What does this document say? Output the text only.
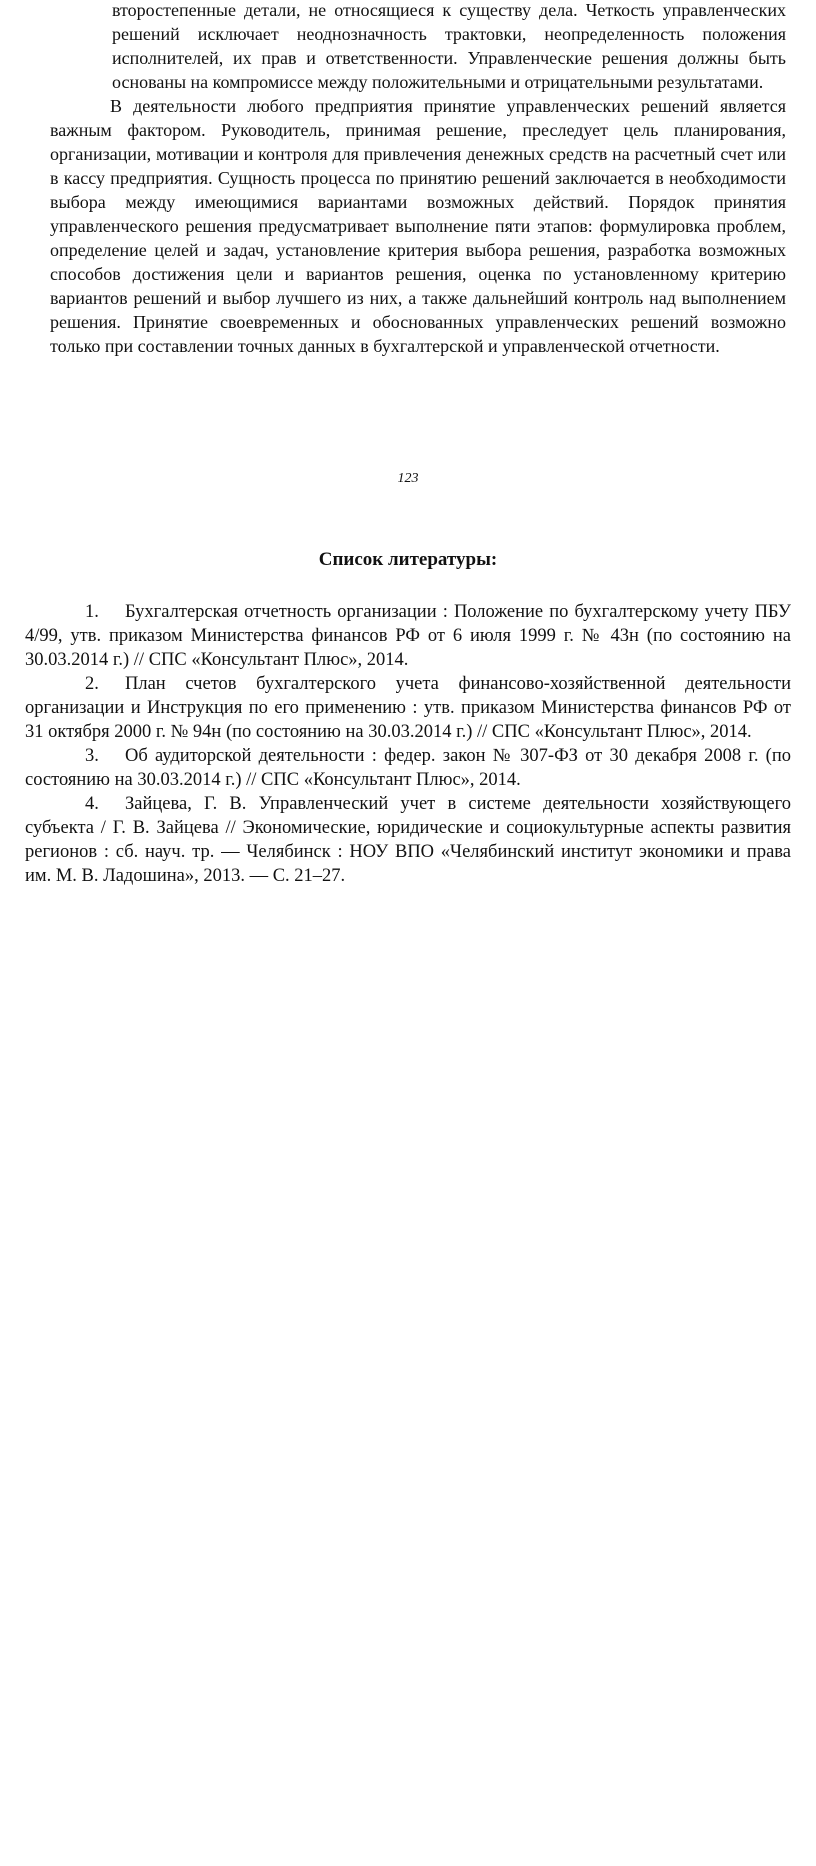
второстепенные детали, не относящиеся к существу дела. Четкость управленческих решений исключает неоднозначность трактовки, неопределенность положения исполнителей, их прав и ответственности. Управленческие решения должны быть основаны на компромиссе между положительными и отрицательными результатами.

В деятельности любого предприятия принятие управленческих решений является важным фактором. Руководитель, принимая решение, преследует цель планирования, организации, мотивации и контроля для привлечения денежных средств на расчетный счет или в кассу предприятия. Сущность процесса по принятию решений заключается в необходимости выбора между имеющимися вариантами возможных действий. Порядок принятия управленческого решения предусматривает выполнение пяти этапов: формулировка проблем, определение целей и задач, установление критерия выбора решения, разработка возможных способов достижения цели и вариантов решения, оценка по установленному критерию вариантов решений и выбор лучшего из них, а также дальнейший контроль над выполнением решения. Принятие своевременных и обоснованных управленческих решений возможно только при составлении точных данных в бухгалтерской и управленческой отчетности.

123
Список литературы:
1. Бухгалтерская отчетность организации : Положение по бухгалтерскому учету ПБУ 4/99, утв. приказом Министерства финансов РФ от 6 июля 1999 г. № 43н (по состоянию на 30.03.2014 г.) // СПС «Консультант Плюс», 2014.
2. План счетов бухгалтерского учета финансово-хозяйственной деятельности организации и Инструкция по его применению : утв. приказом Министерства финансов РФ от 31 октября 2000 г. № 94н (по состоянию на 30.03.2014 г.) // СПС «Консультант Плюс», 2014.
3. Об аудиторской деятельности : федер. закон № 307-ФЗ от 30 декабря 2008 г. (по состоянию на 30.03.2014 г.) // СПС «Консультант Плюс», 2014.
4. Зайцева, Г. В. Управленческий учет в системе деятельности хозяйствующего субъекта / Г. В. Зайцева // Экономические, юридические и социокультурные аспекты развития регионов : сб. науч. тр. — Челябинск : НОУ ВПО «Челябинский институт экономики и права им. М. В. Ладошина», 2013. — С. 21–27.
